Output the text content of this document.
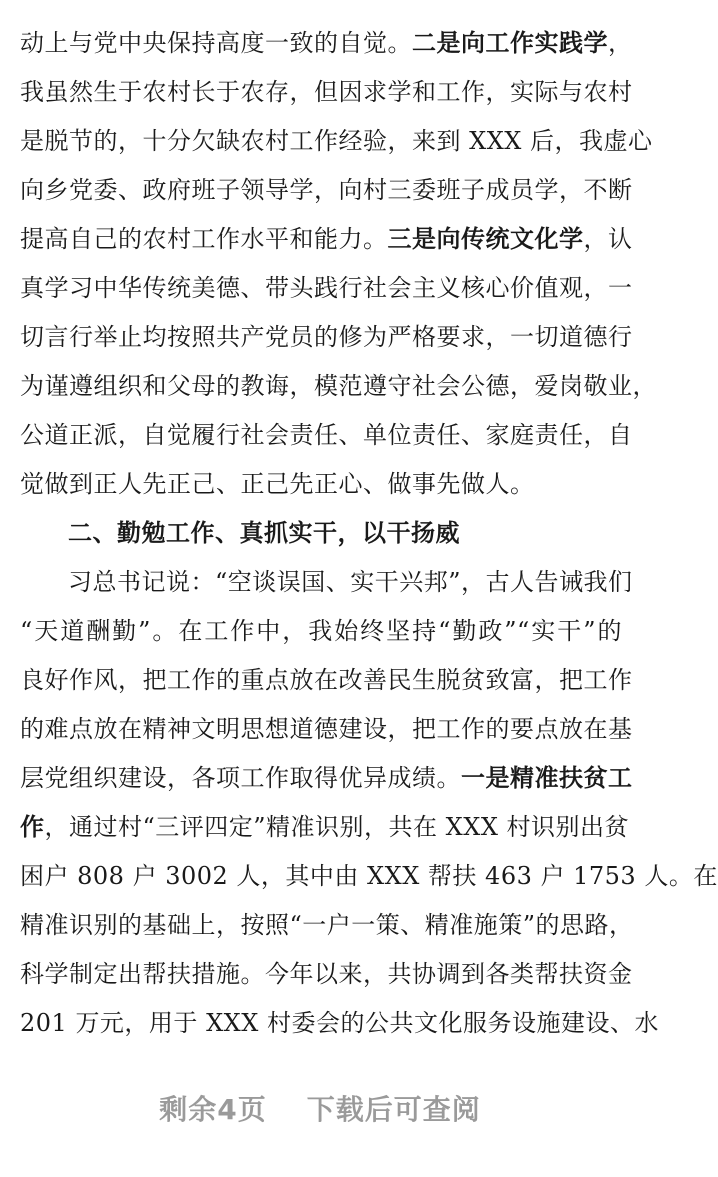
动上与党中央保持高度一致的自觉。二是向工作实践学，
我虽然生于农村长于农存，但因求学和工作，实际与农村
是脱节的，十分欠缺农村工作经验，来到 XXX 后，我虚心
向乡党委、政府班子领导学，向村三委班子成员学，不断
提高自己的农村工作水平和能力。三是向传统文化学，认
真学习中华传统美德、带头践行社会主义核心价值观，一
切言行举止均按照共产党员的修为严格要求，一切道德行
为谨遵组织和父母的教诲，模范遵守社会公德，爱岗敬业，
公道正派，自觉履行社会责任、单位责任、家庭责任，自
觉做到正人先正己、正己先正心、做事先做人。
二、勤勉工作、真抓实干，以干扬威
习总书记说：“空谈误国、实干兴邦”，古人告诫我们
“天道酬勤”。在工作中，我始终坚持“勤政”“实干”的
良好作风，把工作的重点放在改善民生脱贫致富，把工作
的难点放在精神文明思想道德建设，把工作的要点放在基
层党组织建设，各项工作取得优异成绩。一是精准扶贫工
作，通过村“三评四定”精准识别，共在 XXX 村识别出贫
困户 808 户 3002 人，其中由 XXX 帮扶 463 户 1753 人。在
精准识别的基础上，按照“一户一策、精准施策”的思路，
科学制定出帮扶措施。今年以来，共协调到各类帮扶资金
201 万元，用于 XXX 村委会的公共文化服务设施建设、水
剩余4页 下载后可查阅
